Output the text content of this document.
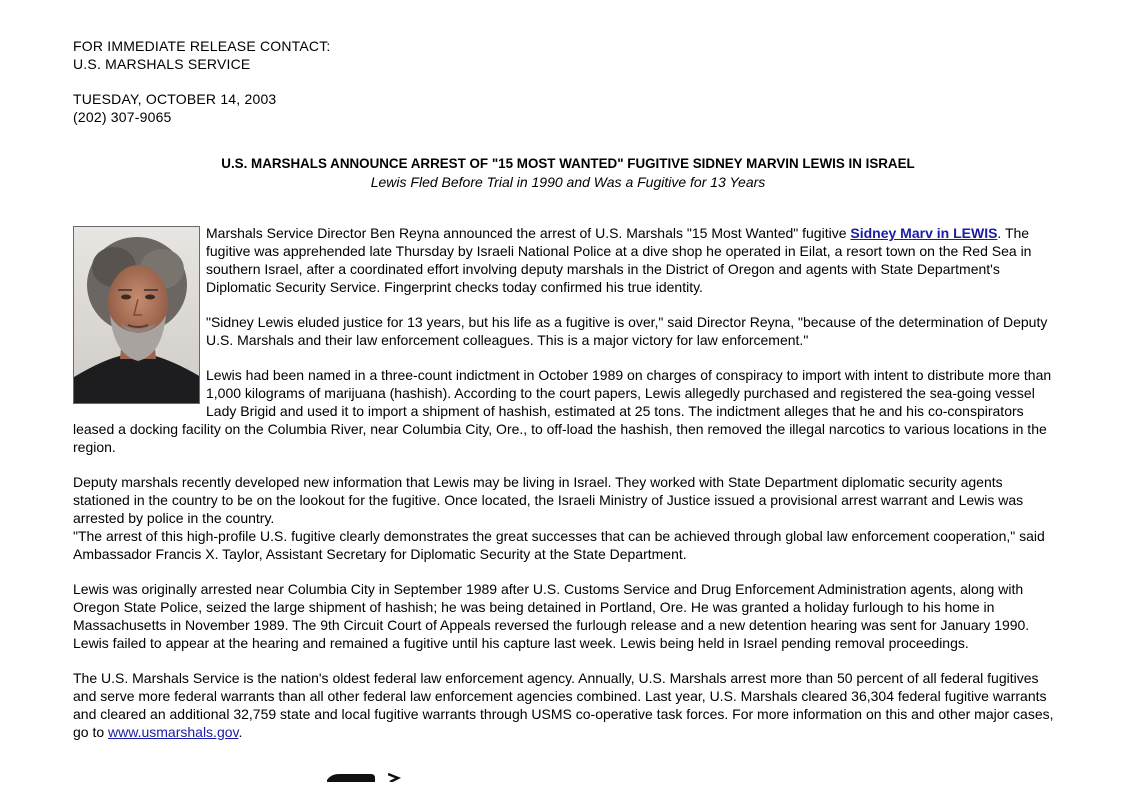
FOR IMMEDIATE RELEASE CONTACT:
U.S. MARSHALS SERVICE
TUESDAY, OCTOBER 14, 2003
(202) 307-9065
U.S. MARSHALS ANNOUNCE ARREST OF "15 MOST WANTED" FUGITIVE SIDNEY MARVIN LEWIS IN ISRAEL
Lewis Fled Before Trial in 1990 and Was a Fugitive for 13 Years

Marshals Service Director Ben Reyna announced the arrest of U.S. Marshals "15 Most Wanted" fugitive Sidney Marv in LEWIS. The fugitive was apprehended late Thursday by Israeli National Police at a dive shop he operated in Eilat, a resort town on the Red Sea in southern Israel, after a coordinated effort involving deputy marshals in the District of Oregon and agents with State Department's Diplomatic Security Service. Fingerprint checks today confirmed his true identity.

"Sidney Lewis eluded justice for 13 years, but his life as a fugitive is over," said Director Reyna, "because of the determination of Deputy U.S. Marshals and their law enforcement colleagues. This is a major victory for law enforcement."

Lewis had been named in a three-count indictment in October 1989 on charges of conspiracy to import with intent to distribute more than 1,000 kilograms of marijuana (hashish). According to the court papers, Lewis allegedly purchased and registered the sea-going vessel Lady Brigid and used it to import a shipment of hashish, estimated at 25 tons. The indictment alleges that he and his co-conspirators leased a docking facility on the Columbia River, near Columbia City, Ore., to off-load the hashish, then removed the illegal narcotics to various locations in the region.

Deputy marshals recently developed new information that Lewis may be living in Israel. They worked with State Department diplomatic security agents stationed in the country to be on the lookout for the fugitive. Once located, the Israeli Ministry of Justice issued a provisional arrest warrant and Lewis was arrested by police in the country.

"The arrest of this high-profile U.S. fugitive clearly demonstrates the great successes that can be achieved through global law enforcement cooperation," said Ambassador Francis X. Taylor, Assistant Secretary for Diplomatic Security at the State Department.

Lewis was originally arrested near Columbia City in September 1989 after U.S. Customs Service and Drug Enforcement Administration agents, along with Oregon State Police, seized the large shipment of hashish; he was being detained in Portland, Ore. He was granted a holiday furlough to his home in Massachusetts in November 1989. The 9th Circuit Court of Appeals reversed the furlough release and a new detention hearing was sent for January 1990. Lewis failed to appear at the hearing and remained a fugitive until his capture last week. Lewis being held in Israel pending removal proceedings.

The U.S. Marshals Service is the nation's oldest federal law enforcement agency. Annually, U.S. Marshals arrest more than 50 percent of all federal fugitives and serve more federal warrants than all other federal law enforcement agencies combined. Last year, U.S. Marshals cleared 36,304 federal fugitive warrants and cleared an additional 32,759 state and local fugitive warrants through USMS co-operative task forces. For more information on this and other major cases, go to www.usmarshals.gov.
